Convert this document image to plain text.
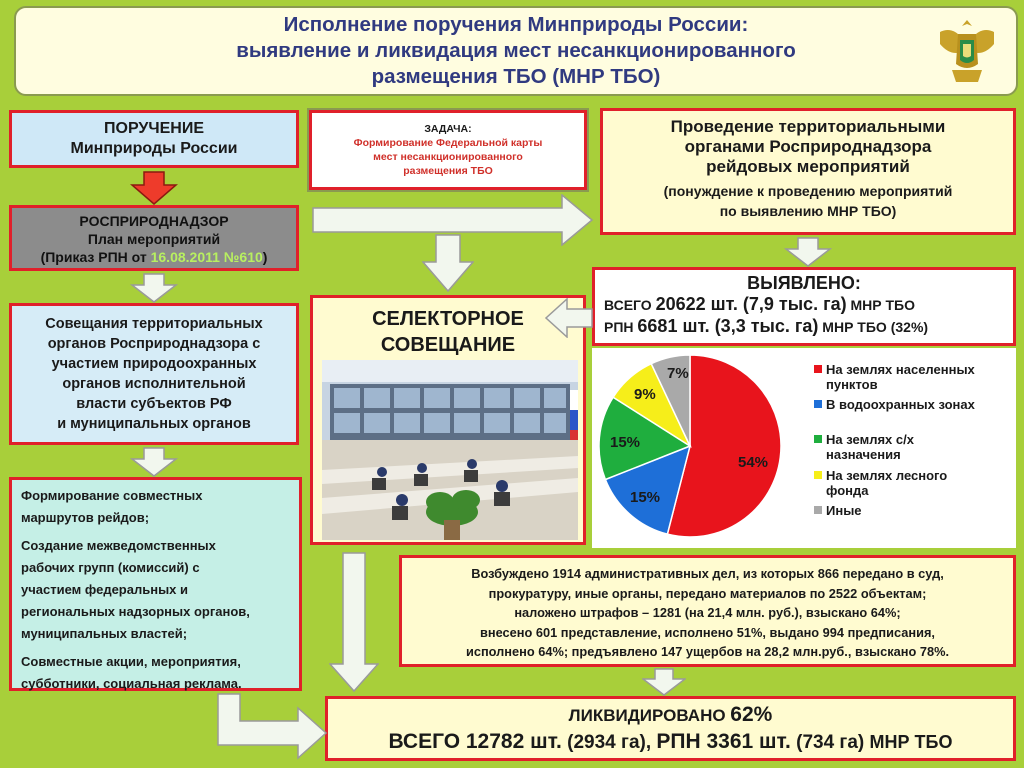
Исполнение поручения Минприроды России:
выявление и ликвидация мест несанкционированного
размещения ТБО (МНР ТБО)
ПОРУЧЕНИЕ
Минприроды России
ЗАДАЧА:
Формирование Федеральной карты
мест несанкционированного
размещения ТБО
Проведение территориальными
органами Росприроднадзора
рейдовых мероприятий
(понуждение к проведению мероприятий
по выявлению МНР ТБО)
РОСПРИРОДНАДЗОР
План мероприятий
(Приказ РПН от 16.08.2011 №610)
ВЫЯВЛЕНО:
ВСЕГО 20622 шт. (7,9 тыс. га) МНР ТБО
РПН 6681 шт. (3,3 тыс. га) МНР ТБО (32%)
Совещания территориальных
органов Росприроднадзора с
участием природоохранных
органов исполнительной
власти субъектов РФ
и муниципальных органов
СЕЛЕКТОРНОЕ
СОВЕЩАНИЕ
54%
15%
15%
9%
7%	На землях населенных
пунктов
В водоохранных зонах
На землях с/х
назначения
На землях лесного
фонда
Иные
Формирование совместных
маршрутов рейдов;
Создание межведомственных
рабочих групп (комиссий) с
участием федеральных и
региональных надзорных органов,
муниципальных властей;
Совместные акции, мероприятия,
субботники, социальная реклама.
Возбуждено 1914 административных дел, из которых 866 передано в суд,
прокуратуру, иные органы, передано материалов по 2522 объектам;
наложено штрафов – 1281 (на 21,4 млн. руб.), взыскано 64%;
внесено 601 представление, исполнено 51%, выдано 994 предписания,
исполнено 64%; предъявлено 147 ущербов на 28,2 млн.руб., взыскано 78%.
ЛИКВИДИРОВАНО 62%
ВСЕГО 12782 шт. (2934 га), РПН 3361 шт. (734 га) МНР ТБО
